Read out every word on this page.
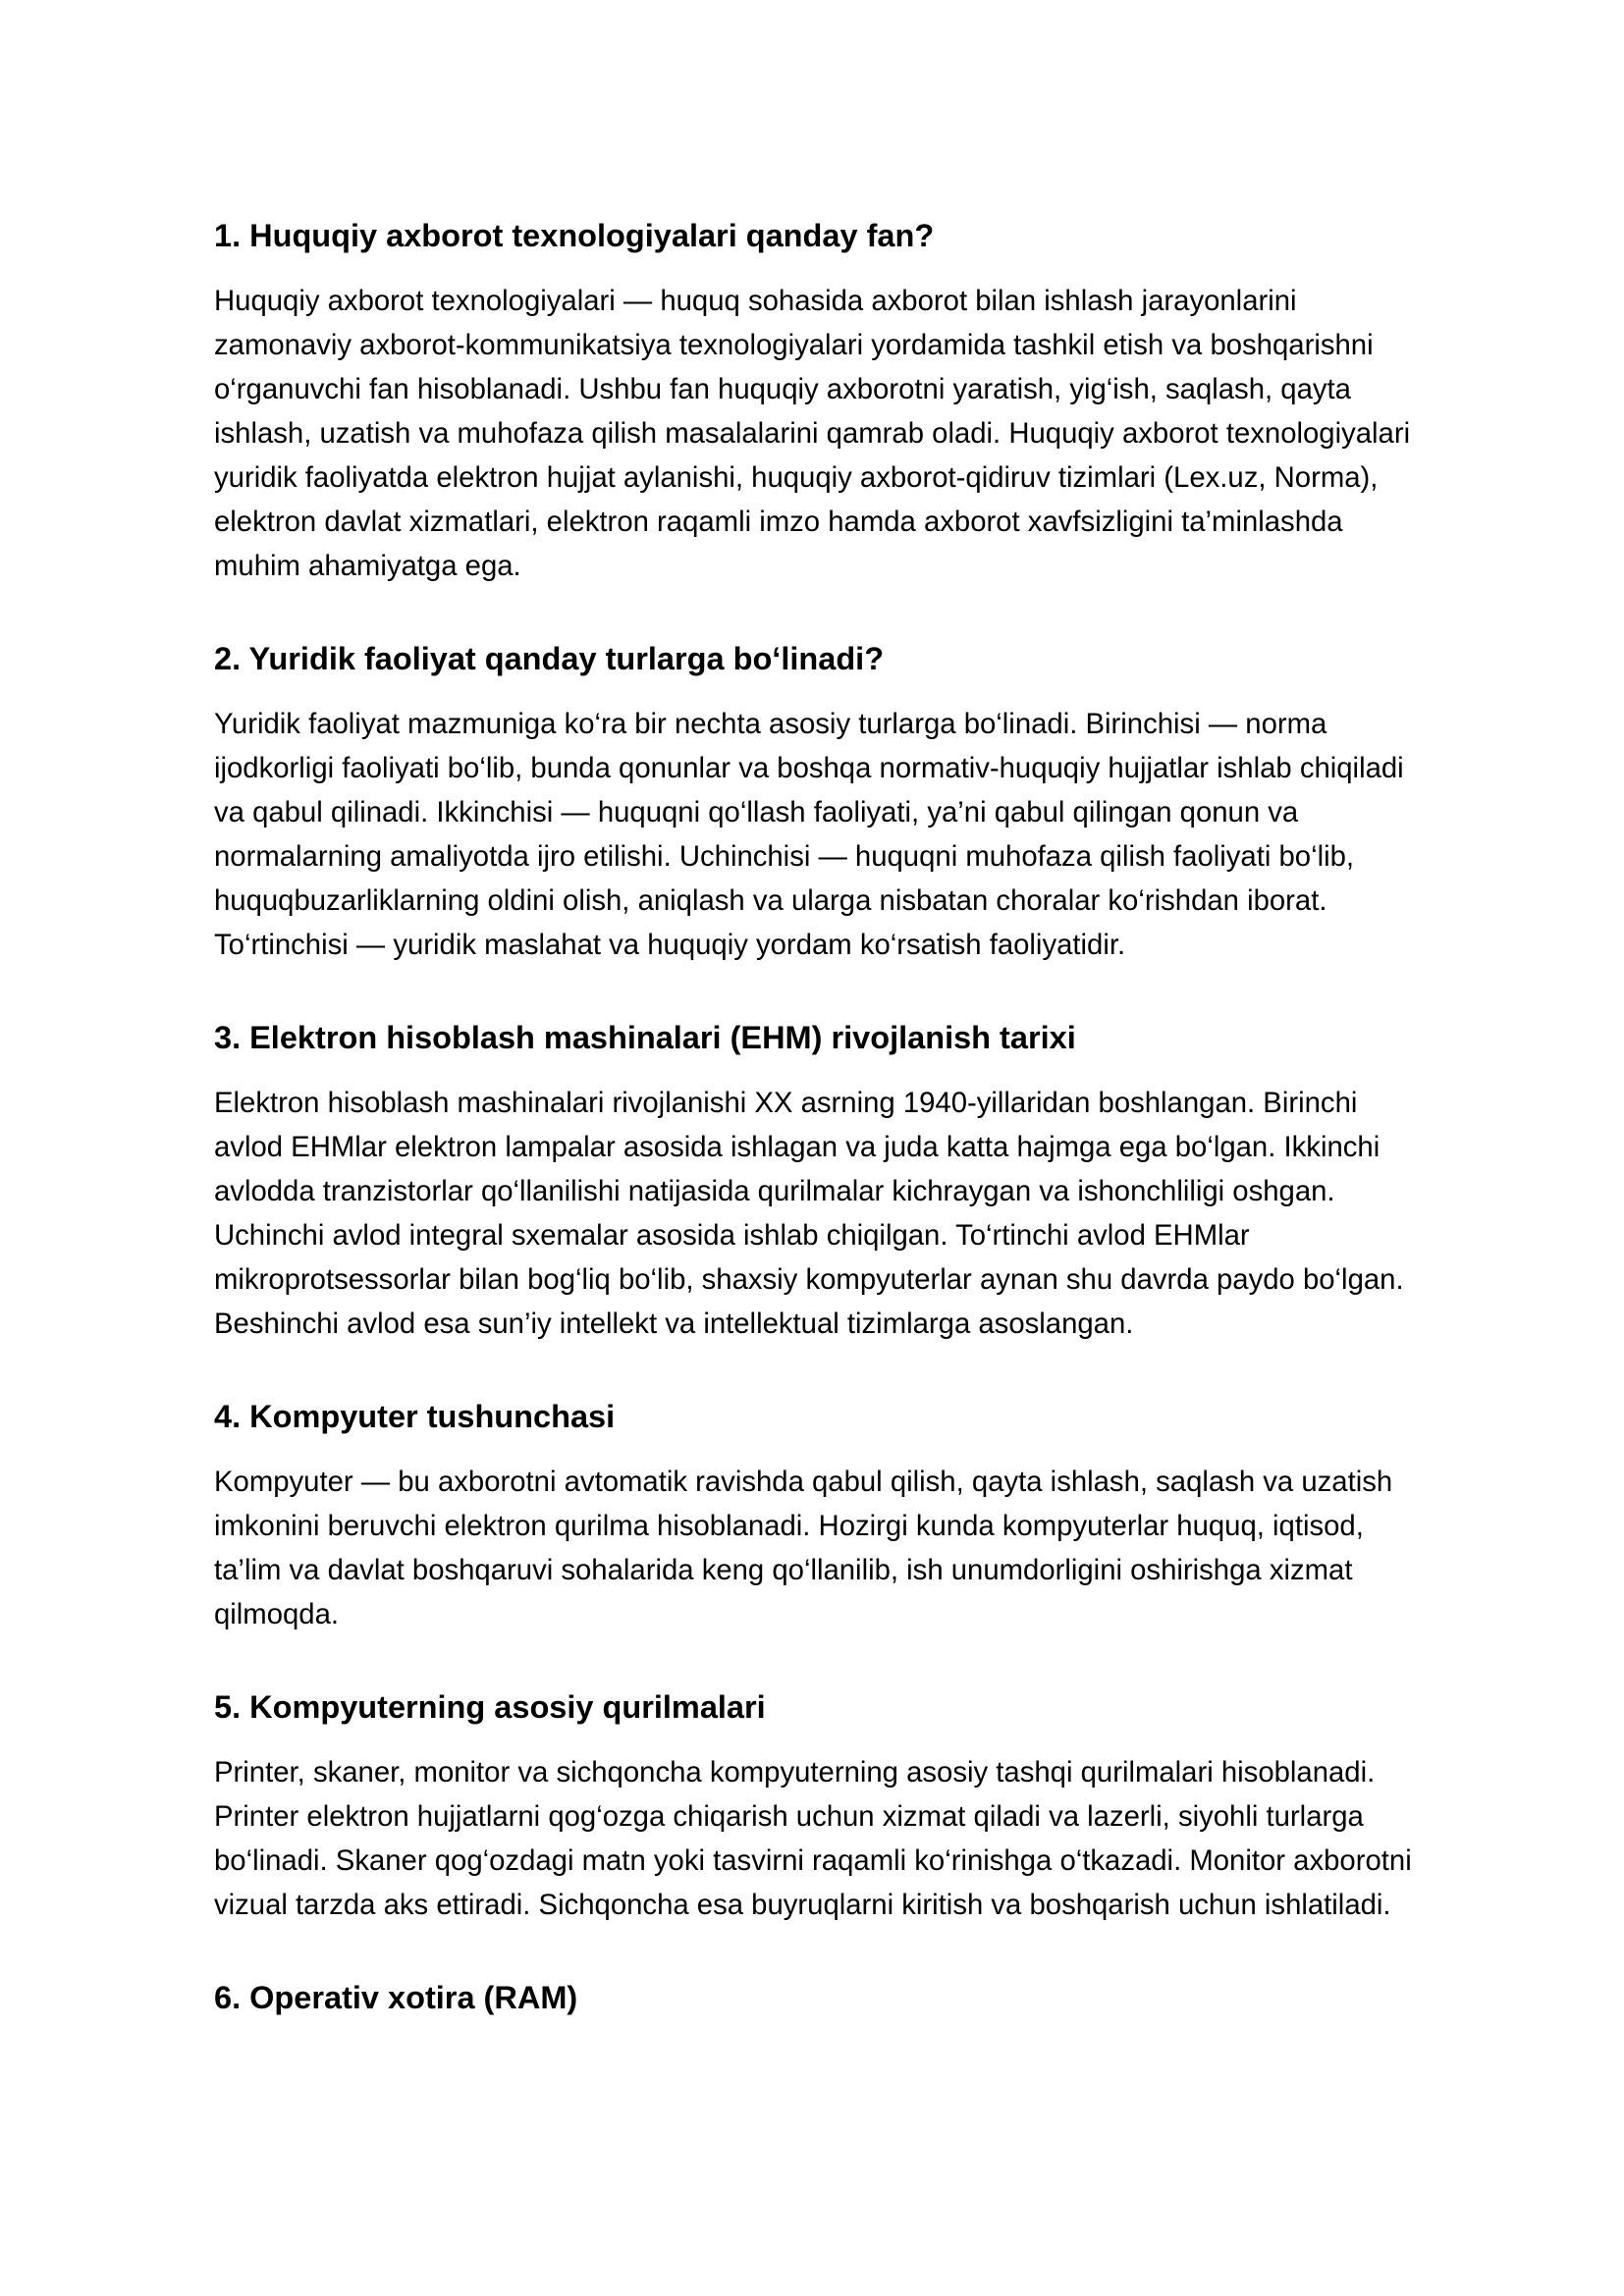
1. Huquqiy axborot texnologiyalari qanday fan?

Huquqiy axborot texnologiyalari — huquq sohasida axborot bilan ishlash jarayonlarini zamonaviy axborot-kommunikatsiya texnologiyalari yordamida tashkil etish va boshqarishni o‘rganuvchi fan hisoblanadi. Ushbu fan huquqiy axborotni yaratish, yig‘ish, saqlash, qayta ishlash, uzatish va muhofaza qilish masalalarini qamrab oladi. Huquqiy axborot texnologiyalari yuridik faoliyatda elektron hujjat aylanishi, huquqiy axborot-qidiruv tizimlari (Lex.uz, Norma), elektron davlat xizmatlari, elektron raqamli imzo hamda axborot xavfsizligini ta’minlashda muhim ahamiyatga ega.

2. Yuridik faoliyat qanday turlarga bo‘linadi?

Yuridik faoliyat mazmuniga ko‘ra bir nechta asosiy turlarga bo‘linadi. Birinchisi — norma ijodkorligi faoliyati bo‘lib, bunda qonunlar va boshqa normativ-huquqiy hujjatlar ishlab chiqiladi va qabul qilinadi. Ikkinchisi — huquqni qo‘llash faoliyati, ya’ni qabul qilingan qonun va normalarning amaliyotda ijro etilishi. Uchinchisi — huquqni muhofaza qilish faoliyati bo‘lib, huquqbuzarliklarning oldini olish, aniqlash va ularga nisbatan choralar ko‘rishdan iborat. To‘rtinchisi — yuridik maslahat va huquqiy yordam ko‘rsatish faoliyatidir.

3. Elektron hisoblash mashinalari (EHM) rivojlanish tarixi

Elektron hisoblash mashinalari rivojlanishi XX asrning 1940-yillaridan boshlangan. Birinchi avlod EHMlar elektron lampalar asosida ishlagan va juda katta hajmga ega bo‘lgan. Ikkinchi avlodda tranzistorlar qo‘llanilishi natijasida qurilmalar kichraygan va ishonchliligi oshgan. Uchinchi avlod integral sxemalar asosida ishlab chiqilgan. To‘rtinchi avlod EHMlar mikroprotsessorlar bilan bog‘liq bo‘lib, shaxsiy kompyuterlar aynan shu davrda paydo bo‘lgan. Beshinchi avlod esa sun’iy intellekt va intellektual tizimlarga asoslangan.

4. Kompyuter tushunchasi

Kompyuter — bu axborotni avtomatik ravishda qabul qilish, qayta ishlash, saqlash va uzatish imkonini beruvchi elektron qurilma hisoblanadi. Hozirgi kunda kompyuterlar huquq, iqtisod, ta’lim va davlat boshqaruvi sohalarida keng qo‘llanilib, ish unumdorligini oshirishga xizmat qilmoqda.

5. Kompyuterning asosiy qurilmalari

Printer, skaner, monitor va sichqoncha kompyuterning asosiy tashqi qurilmalari hisoblanadi. Printer elektron hujjatlarni qog‘ozga chiqarish uchun xizmat qiladi va lazerli, siyohli turlarga bo‘linadi. Skaner qog‘ozdagi matn yoki tasvirni raqamli ko‘rinishga o‘tkazadi. Monitor axborotni vizual tarzda aks ettiradi. Sichqoncha esa buyruqlarni kiritish va boshqarish uchun ishlatiladi.

6. Operativ xotira (RAM)
